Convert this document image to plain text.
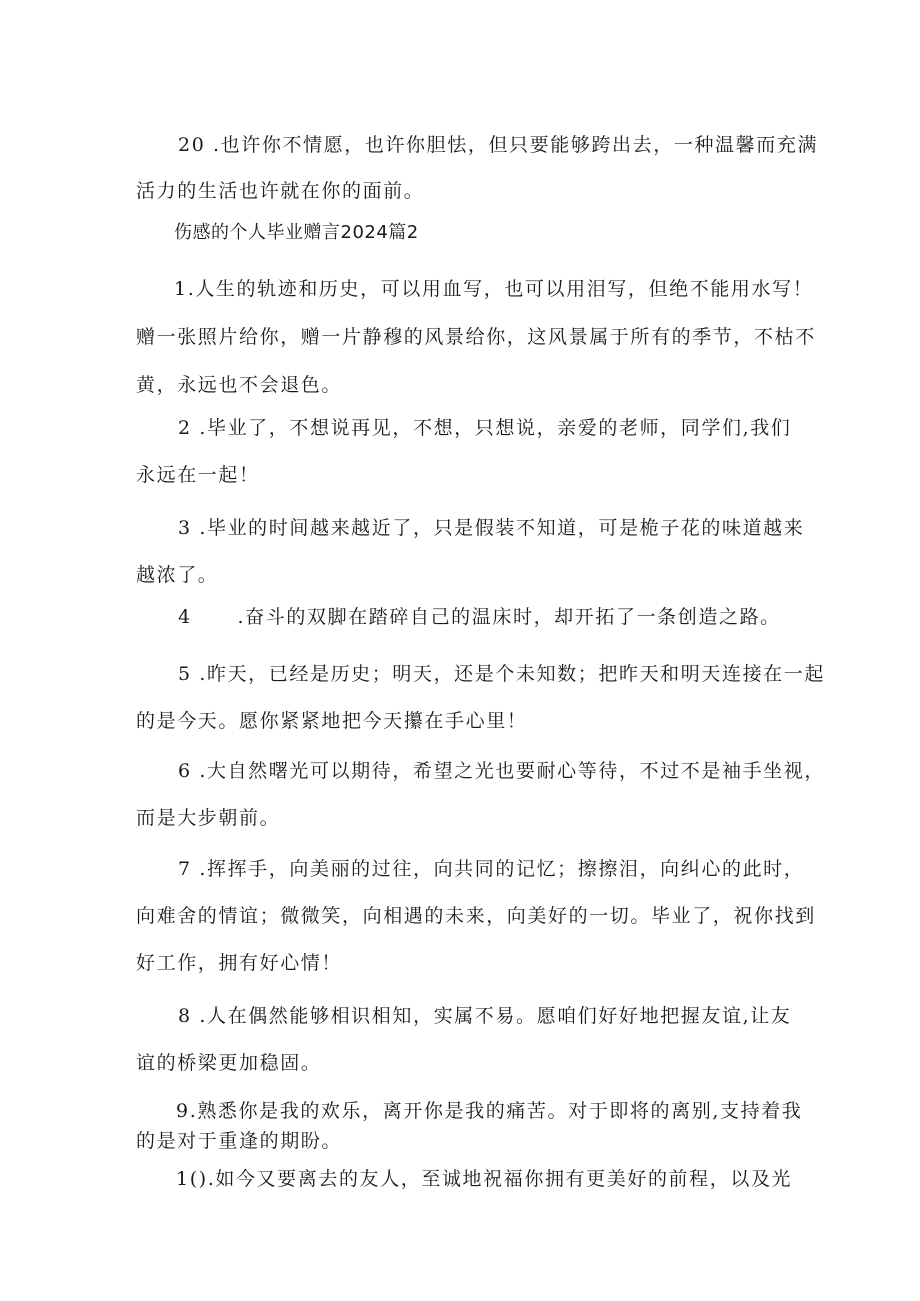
20 .也许你不情愿，也许你胆怯，但只要能够跨出去，一种温馨而充满
活力的生活也许就在你的面前。
伤感的个人毕业赠言2024篇2
1.人生的轨迹和历史，可以用血写，也可以用泪写，但绝不能用水写！
赠一张照片给你，赠一片静穆的风景给你，这风景属于所有的季节，不枯不
黄，永远也不会退色。
2 .毕业了，不想说再见，不想，只想说，亲爱的老师，同学们,我们
永远在一起！
3 .毕业的时间越来越近了，只是假装不知道，可是桅子花的味道越来
越浓了。
4      .奋斗的双脚在踏碎自己的温床时，却开拓了一条创造之路。
5 .昨天，已经是历史；明天，还是个未知数；把昨天和明天连接在一起
的是今天。愿你紧紧地把今天攥在手心里！
6 .大自然曙光可以期待，希望之光也要耐心等待，不过不是袖手坐视，
而是大步朝前。
7 .挥挥手，向美丽的过往，向共同的记忆；擦擦泪，向纠心的此时，
向难舍的情谊；微微笑，向相遇的未来，向美好的一切。毕业了，祝你找到
好工作，拥有好心情！
8 .人在偶然能够相识相知，实属不易。愿咱们好好地把握友谊,让友
谊的桥梁更加稳固。
9.熟悉你是我的欢乐，离开你是我的痛苦。对于即将的离别,支持着我
的是对于重逢的期盼。
1().如今又要离去的友人，至诚地祝福你拥有更美好的前程，以及光
